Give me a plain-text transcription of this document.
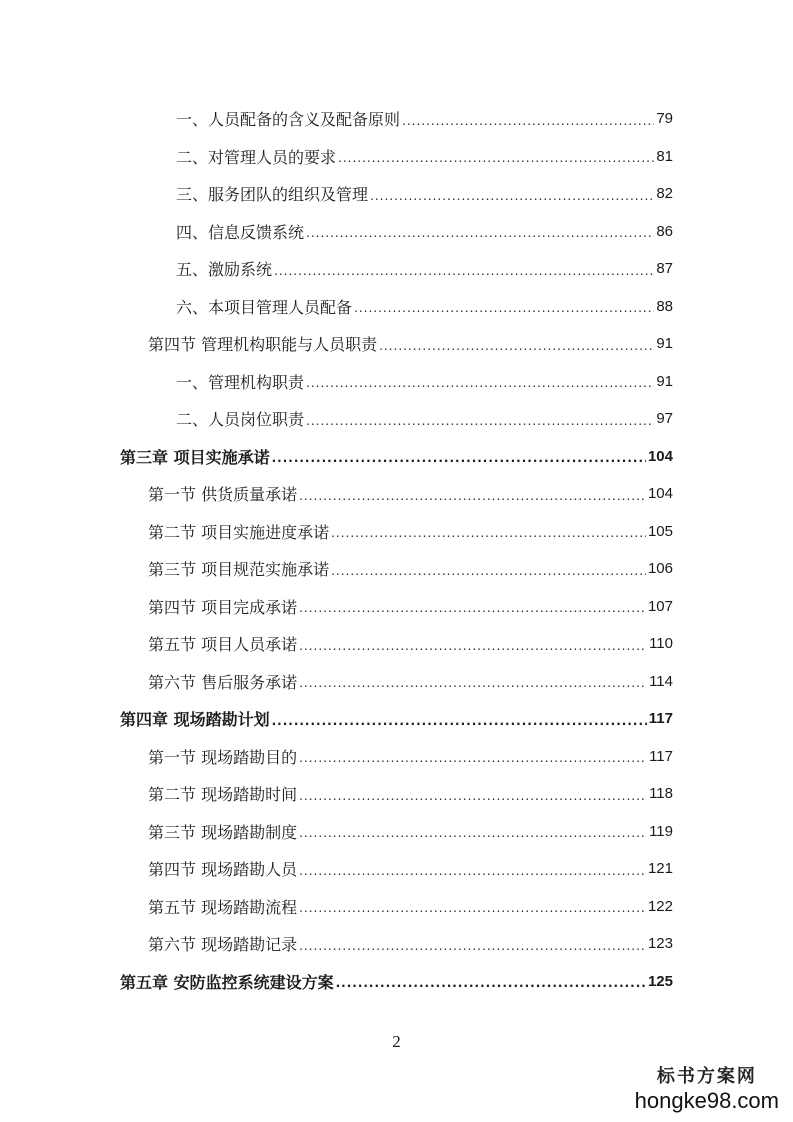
一、人员配备的含义及配备原则 .....	79
二、对管理人员的要求 .....	81
三、服务团队的组织及管理 .....	82
四、信息反馈系统 .....	86
五、激励系统 .....	87
六、本项目管理人员配备 .....	88
第四节 管理机构职能与人员职责 .....	91
一、管理机构职责 .....	91
二、人员岗位职责 .....	97
第三章 项目实施承诺 .....	104
第一节 供货质量承诺 .....	104
第二节 项目实施进度承诺 .....	105
第三节 项目规范实施承诺 .....	106
第四节 项目完成承诺 .....	107
第五节 项目人员承诺 .....	110
第六节 售后服务承诺 .....	114
第四章 现场踏勘计划 .....	117
第一节 现场踏勘目的 .....	117
第二节 现场踏勘时间 .....	118
第三节 现场踏勘制度 .....	119
第四节 现场踏勘人员 .....	121
第五节 现场踏勘流程 .....	122
第六节 现场踏勘记录 .....	123
第五章 安防监控系统建设方案 .....	125
2
标书方案网
hongke98.com
